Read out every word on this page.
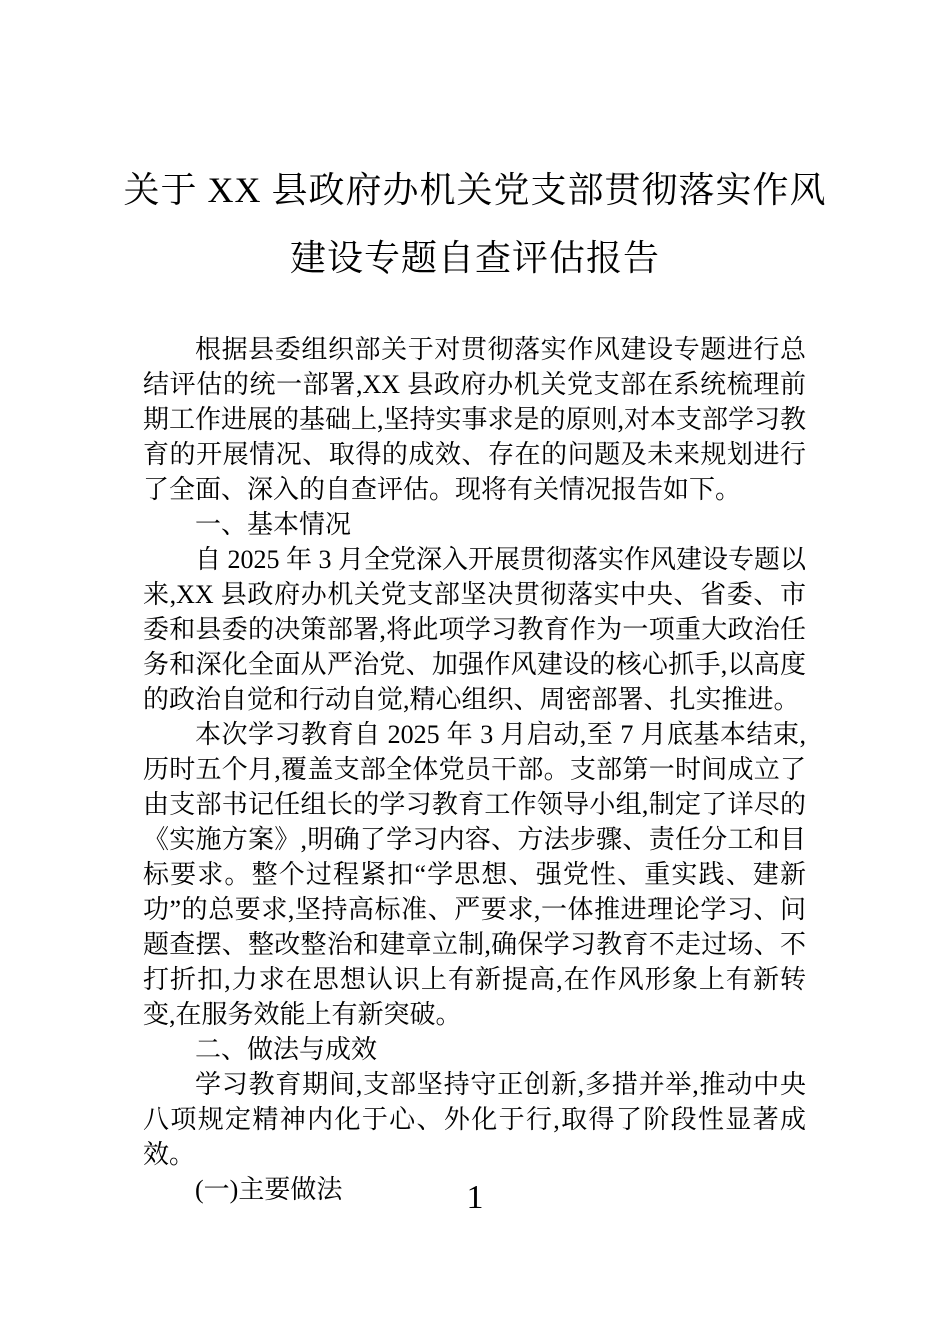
关于 XX 县政府办机关党支部贯彻落实作风
建设专题自查评估报告

根据县委组织部关于对贯彻落实作风建设专题进行总结评估的统一部署,XX 县政府办机关党支部在系统梳理前期工作进展的基础上,坚持实事求是的原则,对本支部学习教育的开展情况、取得的成效、存在的问题及未来规划进行了全面、深入的自查评估。现将有关情况报告如下。

一、基本情况

自 2025 年 3 月全党深入开展贯彻落实作风建设专题以来,XX 县政府办机关党支部坚决贯彻落实中央、省委、市委和县委的决策部署,将此项学习教育作为一项重大政治任务和深化全面从严治党、加强作风建设的核心抓手,以高度的政治自觉和行动自觉,精心组织、周密部署、扎实推进。

本次学习教育自 2025 年 3 月启动,至 7 月底基本结束,历时五个月,覆盖支部全体党员干部。支部第一时间成立了由支部书记任组长的学习教育工作领导小组,制定了详尽的《实施方案》,明确了学习内容、方法步骤、责任分工和目标要求。整个过程紧扣“学思想、强党性、重实践、建新功”的总要求,坚持高标准、严要求,一体推进理论学习、问题查摆、整改整治和建章立制,确保学习教育不走过场、不打折扣,力求在思想认识上有新提高,在作风形象上有新转变,在服务效能上有新突破。

二、做法与成效

学习教育期间,支部坚持守正创新,多措并举,推动中央八项规定精神内化于心、外化于行,取得了阶段性显著成效。

(一)主要做法	1
